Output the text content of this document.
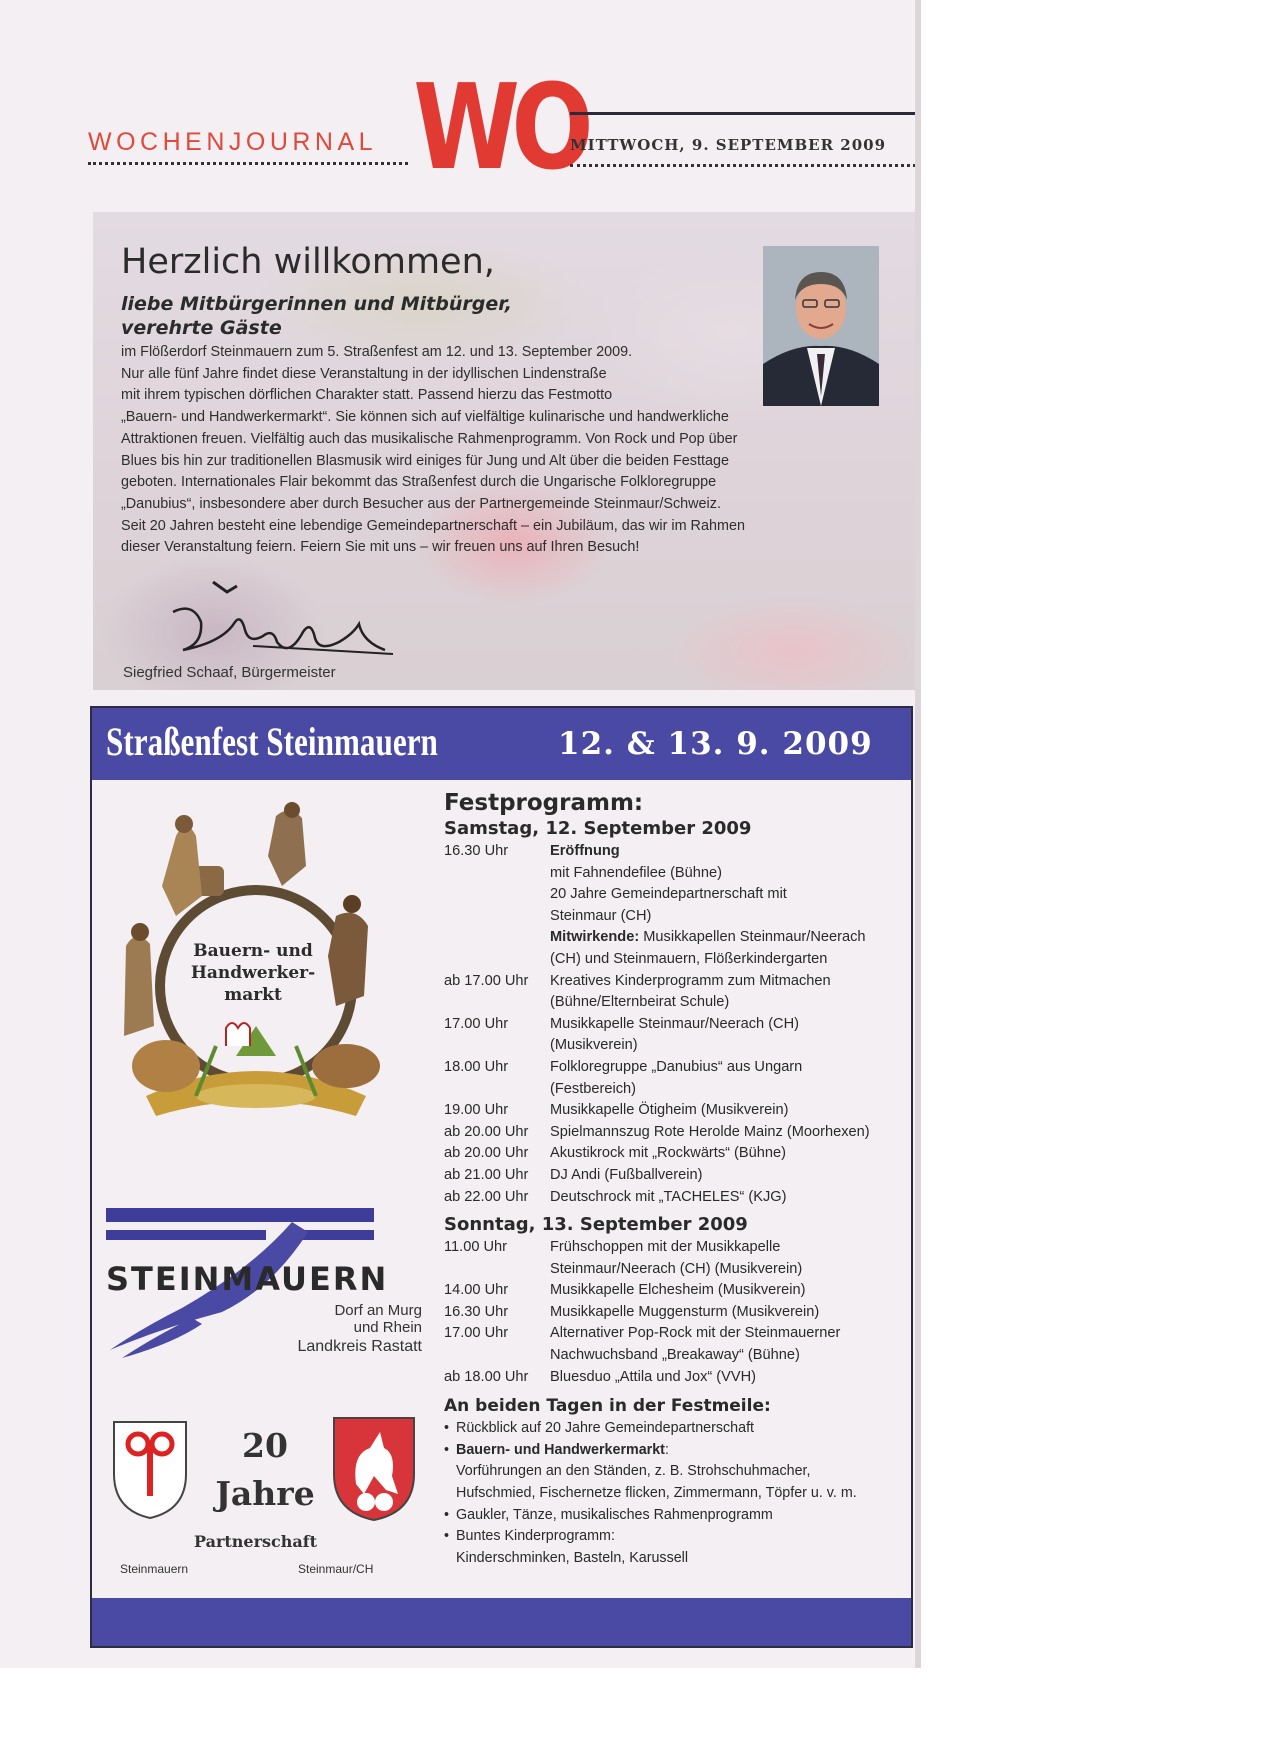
WOCHENJOURNAL WO
MITTWOCH, 9. SEPTEMBER 2009
Herzlich willkommen,
liebe Mitbürgerinnen und Mitbürger,
verehrte Gäste
im Flößerdorf Steinmauern zum 5. Straßenfest am 12. und 13. September 2009.
Nur alle fünf Jahre findet diese Veranstaltung in der idyllischen Lindenstraße
mit ihrem typischen dörflichen Charakter statt. Passend hierzu das Festmotto
„Bauern- und Handwerkermarkt“. Sie können sich auf vielfältige kulinarische und handwerkliche
Attraktionen freuen. Vielfältig auch das musikalische Rahmenprogramm. Von Rock und Pop über
Blues bis hin zur traditionellen Blasmusik wird einiges für Jung und Alt über die beiden Festtage
geboten. Internationales Flair bekommt das Straßenfest durch die Ungarische Folkloregruppe
„Danubius“, insbesondere aber durch Besucher aus der Partnergemeinde Steinmaur/Schweiz.
Seit 20 Jahren besteht eine lebendige Gemeindepartnerschaft – ein Jubiläum, das wir im Rahmen
dieser Veranstaltung feiern. Feiern Sie mit uns – wir freuen uns auf Ihren Besuch!
Siegfried Schaaf, Bürgermeister
Straßenfest Steinmauern	12. & 13. 9. 2009
Bauern- und
Handwerker-
markt
STEINMAUERN
Dorf an Murg
und Rhein
Landkreis Rastatt
20
Jahre
Partnerschaft
Steinmauern	Steinmaur/CH
Festprogramm:
Samstag, 12. September 2009
16.30 Uhr	Eröffnung
mit Fahnendefilee (Bühne)
20 Jahre Gemeindepartnerschaft mit
Steinmaur (CH)
Mitwirkende: Musikkapellen Steinmaur/Neerach
(CH) und Steinmauern, Flößerkindergarten
ab 17.00 Uhr	Kreatives Kinderprogramm zum Mitmachen
(Bühne/Elternbeirat Schule)
17.00 Uhr	Musikkapelle Steinmaur/Neerach (CH)
(Musikverein)
18.00 Uhr	Folkloregruppe „Danubius“ aus Ungarn
(Festbereich)
19.00 Uhr	Musikkapelle Ötigheim (Musikverein)
ab 20.00 Uhr	Spielmannszug Rote Herolde Mainz (Moorhexen)
ab 20.00 Uhr	Akustikrock mit „Rockwärts“ (Bühne)
ab 21.00 Uhr	DJ Andi (Fußballverein)
ab 22.00 Uhr	Deutschrock mit „TACHELES“ (KJG)
Sonntag, 13. September 2009
11.00 Uhr	Frühschoppen mit der Musikkapelle
Steinmaur/Neerach (CH) (Musikverein)
14.00 Uhr	Musikkapelle Elchesheim (Musikverein)
16.30 Uhr	Musikkapelle Muggensturm (Musikverein)
17.00 Uhr	Alternativer Pop-Rock mit der Steinmauerner
Nachwuchsband „Breakaway“ (Bühne)
ab 18.00 Uhr	Bluesduo „Attila und Jox“ (VVH)
An beiden Tagen in der Festmeile:
• Rückblick auf 20 Jahre Gemeindepartnerschaft
• Bauern- und Handwerkermarkt:
Vorführungen an den Ständen, z. B. Strohschuhmacher,
Hufschmied, Fischernetze flicken, Zimmermann, Töpfer u. v. m.
• Gaukler, Tänze, musikalisches Rahmenprogramm
• Buntes Kinderprogramm:
Kinderschminken, Basteln, Karussell
